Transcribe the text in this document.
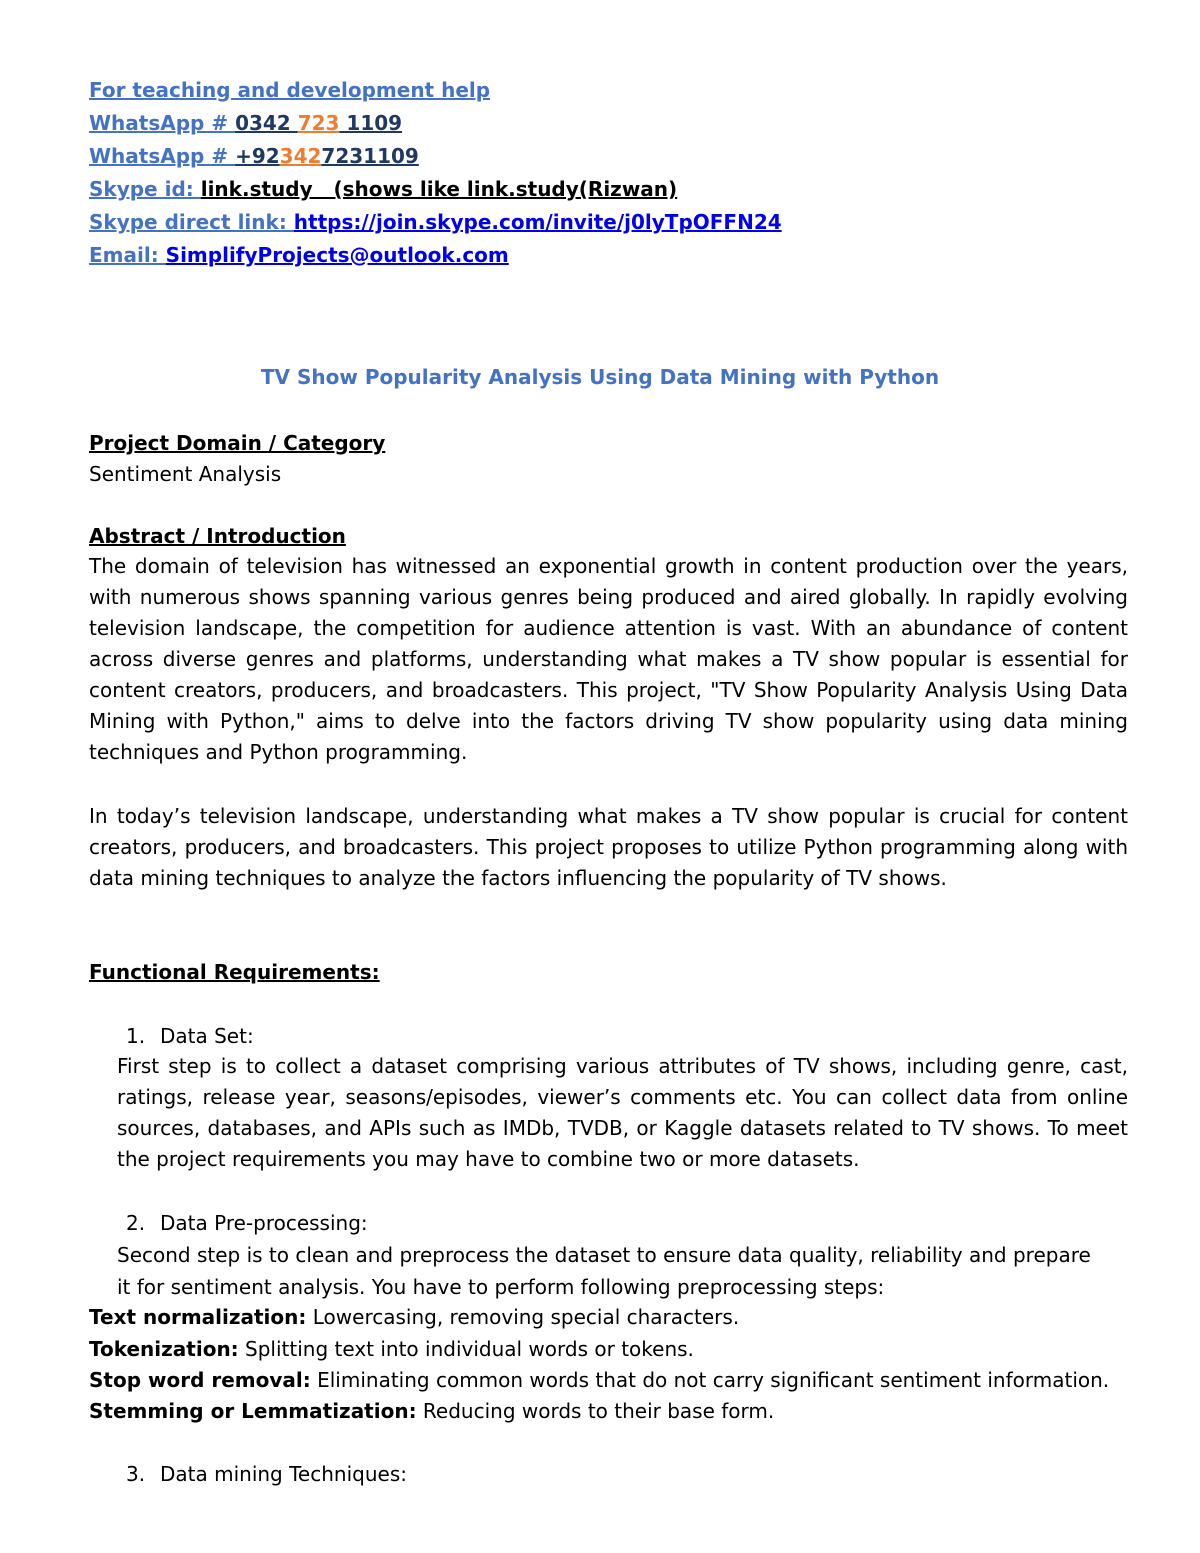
For teaching and development help
WhatsApp # 0342 723 1109
WhatsApp # +923427231109
Skype id: link.study   (shows like link.study(Rizwan)
Skype direct link: https://join.skype.com/invite/j0lyTpOFFN24
Email: SimplifyProjects@outlook.com
TV Show Popularity Analysis Using Data Mining with Python
Project Domain / Category
Sentiment Analysis
Abstract / Introduction
The domain of television has witnessed an exponential growth in content production over the years, with numerous shows spanning various genres being produced and aired globally. In rapidly evolving television landscape, the competition for audience attention is vast. With an abundance of content across diverse genres and platforms, understanding what makes a TV show popular is essential for content creators, producers, and broadcasters. This project, "TV Show Popularity Analysis Using Data Mining with Python," aims to delve into the factors driving TV show popularity using data mining techniques and Python programming.
In today’s television landscape, understanding what makes a TV show popular is crucial for content creators, producers, and broadcasters. This project proposes to utilize Python programming along with data mining techniques to analyze the factors influencing the popularity of TV shows.
Functional Requirements:
1. Data Set:
First step is to collect a dataset comprising various attributes of TV shows, including genre, cast, ratings, release year, seasons/episodes, viewer’s comments etc. You can collect data from online sources, databases, and APIs such as IMDb, TVDB, or Kaggle datasets related to TV shows. To meet the project requirements you may have to combine two or more datasets.
2. Data Pre-processing:
Second step is to clean and preprocess the dataset to ensure data quality, reliability and prepare
it for sentiment analysis. You have to perform following preprocessing steps:
Text normalization: Lowercasing, removing special characters.
Tokenization: Splitting text into individual words or tokens.
Stop word removal: Eliminating common words that do not carry significant sentiment information.
Stemming or Lemmatization: Reducing words to their base form.
3. Data mining Techniques:
